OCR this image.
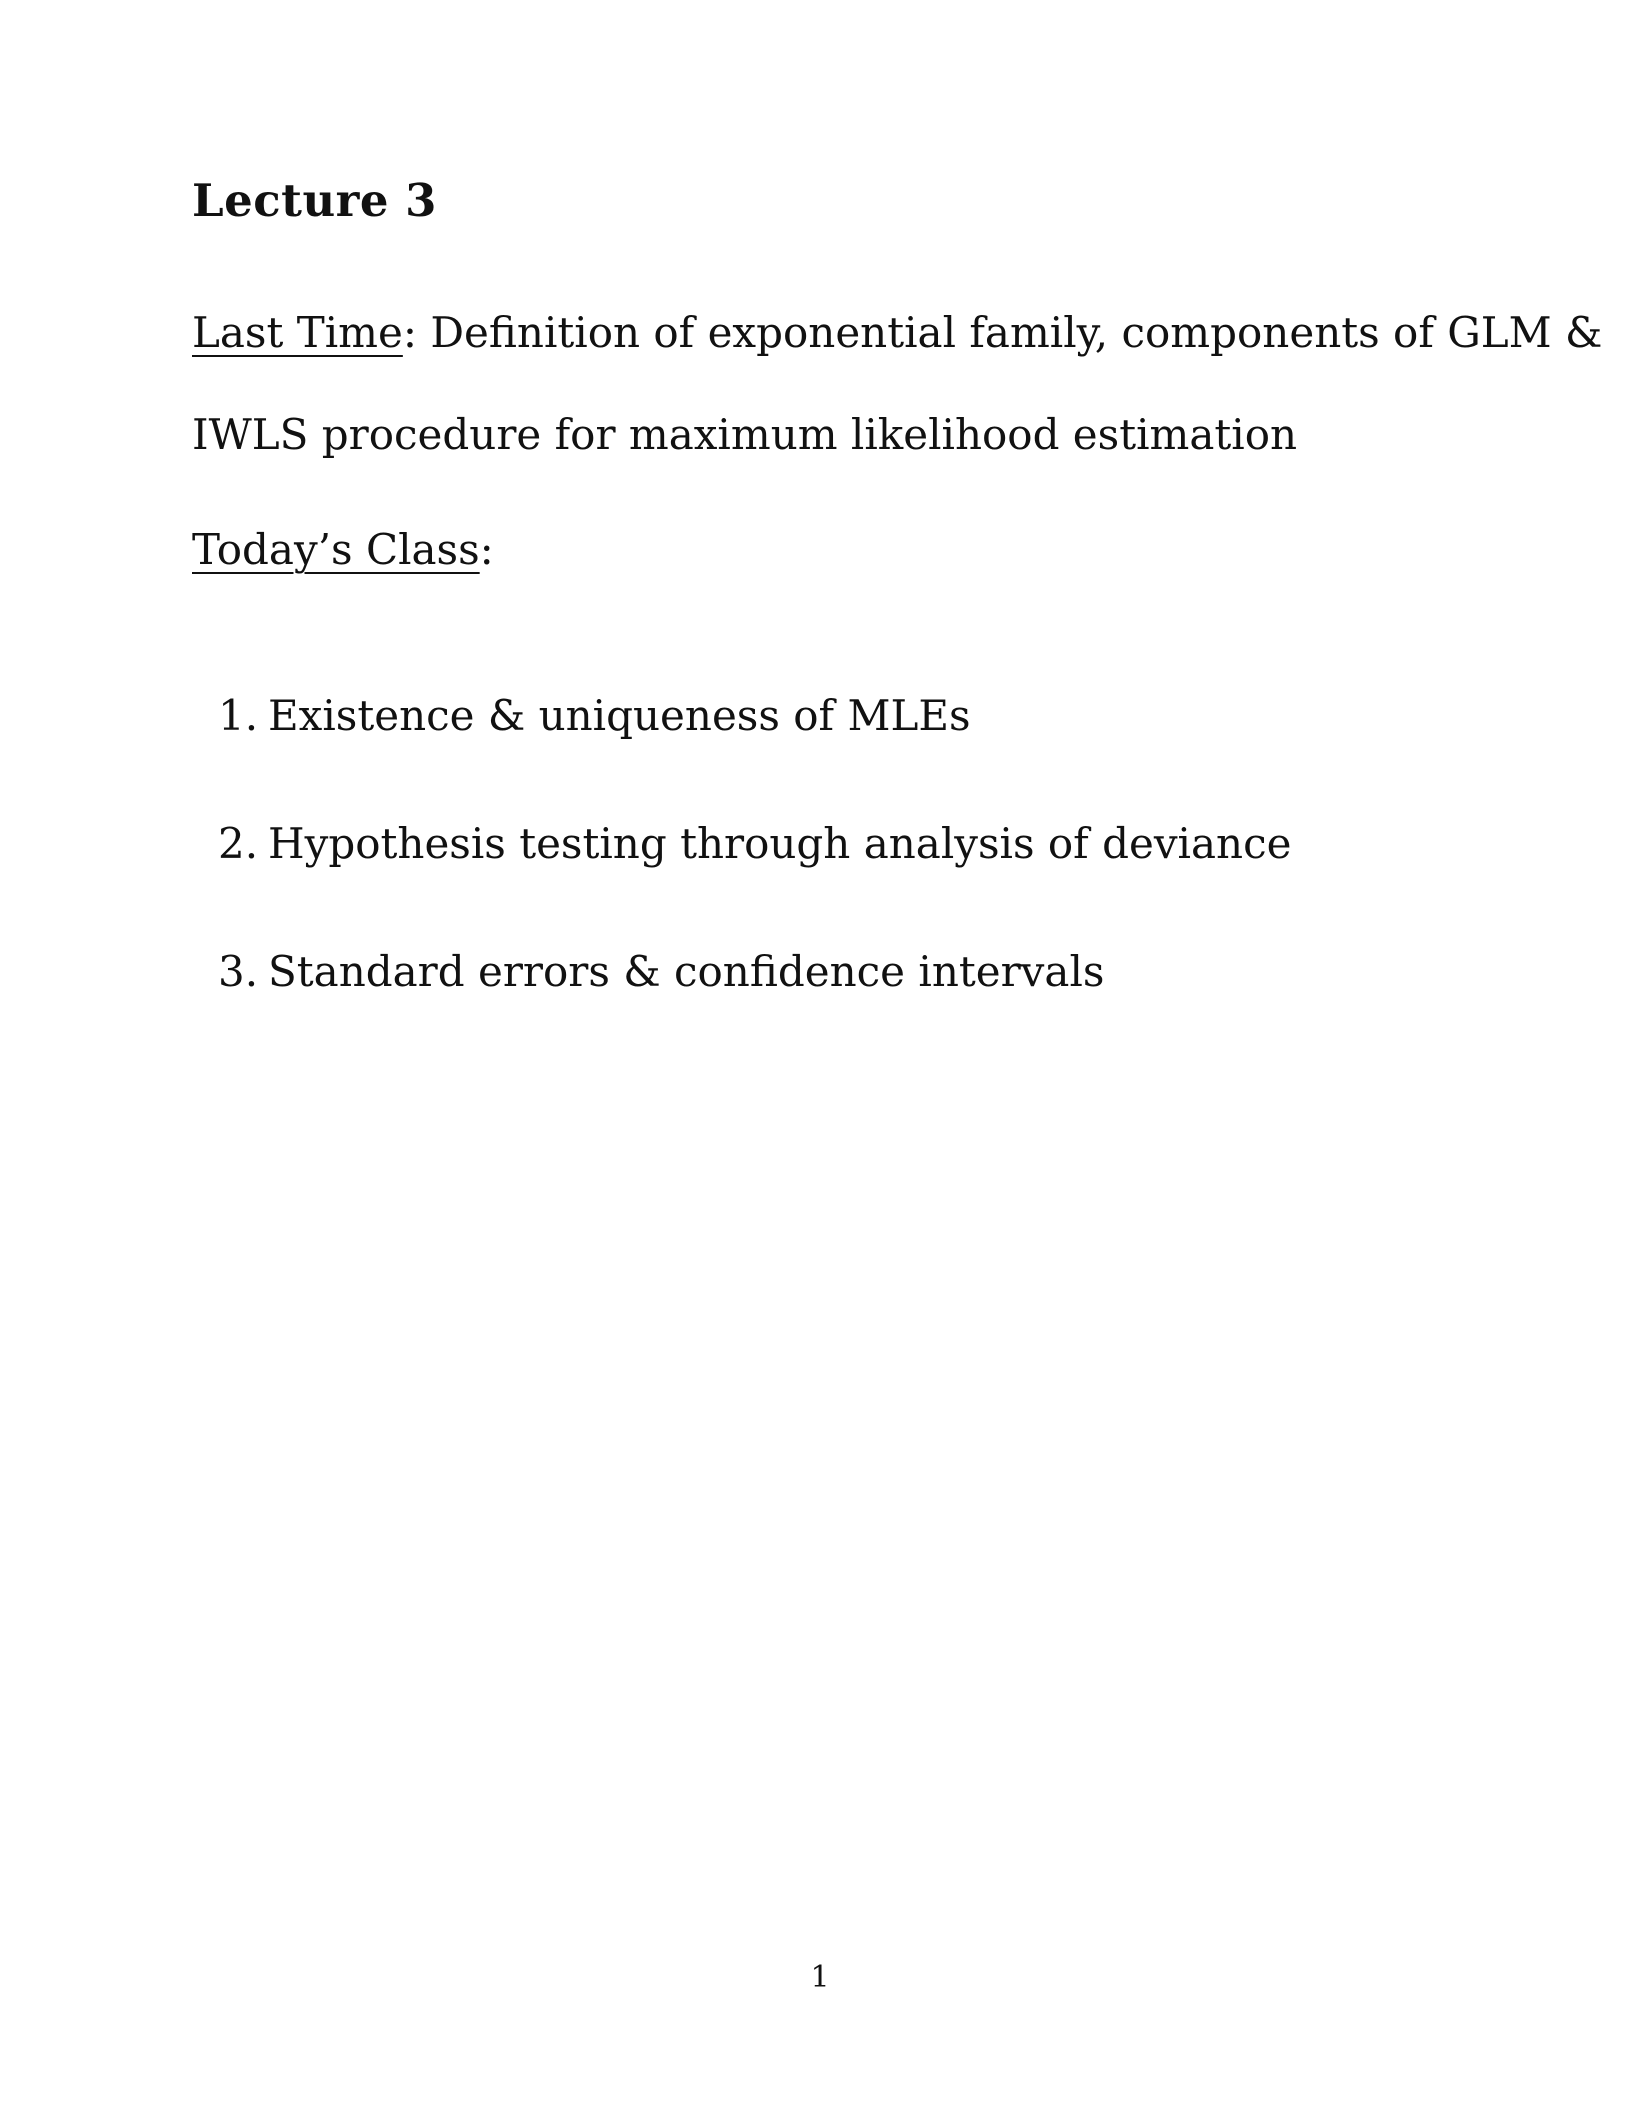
Lecture 3
Last Time: Definition of exponential family, components of GLM &
IWLS procedure for maximum likelihood estimation
Today’s Class:
1. Existence & uniqueness of MLEs
2. Hypothesis testing through analysis of deviance
3. Standard errors & confidence intervals
1
